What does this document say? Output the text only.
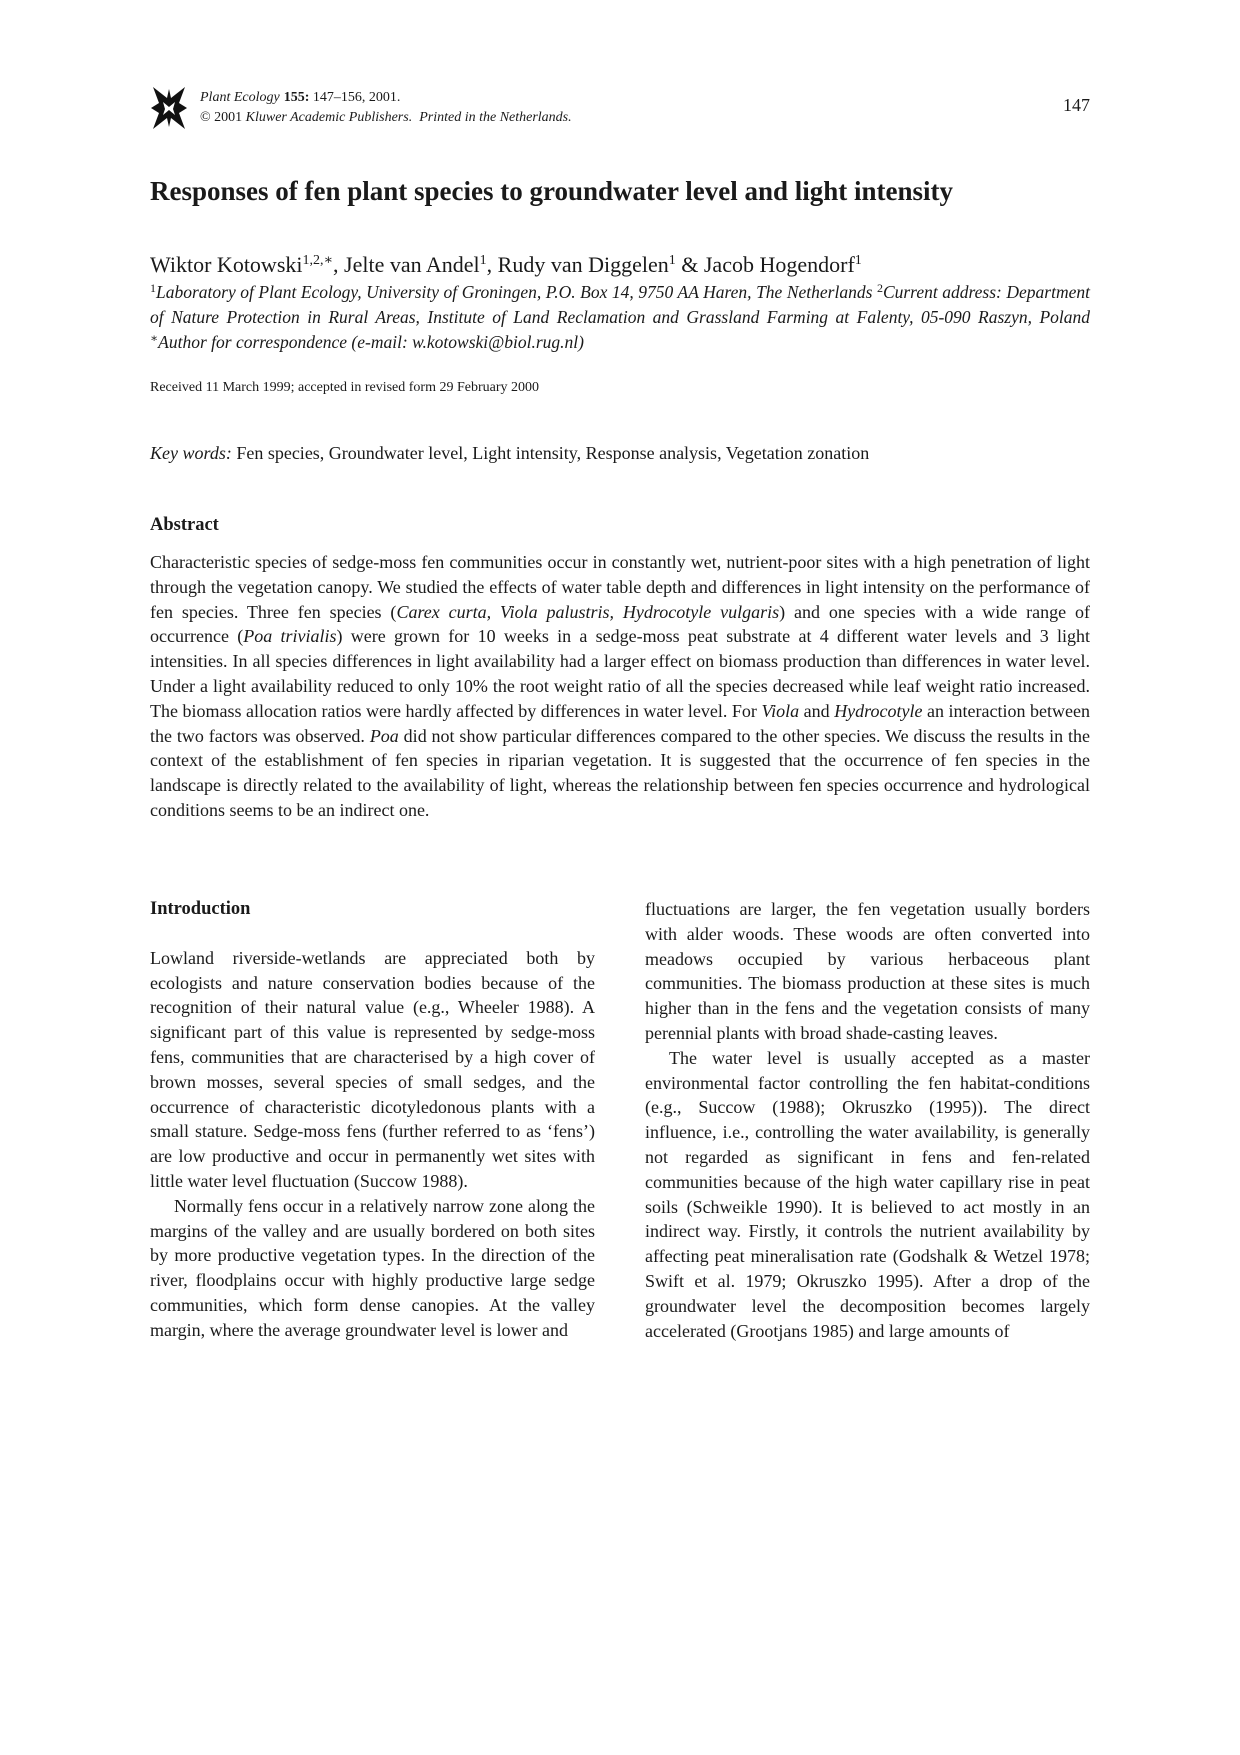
Plant Ecology 155: 147–156, 2001.
© 2001 Kluwer Academic Publishers.  Printed in the Netherlands.
147
Responses of fen plant species to groundwater level and light intensity
Wiktor Kotowski$^{1,2,∗}$, Jelte van Andel$^1$, Rudy van Diggelen$^1$ & Jacob Hogendorf$^1$
$^1$Laboratory of Plant Ecology, University of Groningen, P.O. Box 14, 9750 AA Haren, The Netherlands $^2$Current address: Department of Nature Protection in Rural Areas, Institute of Land Reclamation and Grassland Farming at Falenty, 05-090 Raszyn, Poland ∗Author for correspondence (e-mail: w.kotowski@biol.rug.nl)
Received 11 March 1999; accepted in revised form 29 February 2000
Key words: Fen species, Groundwater level, Light intensity, Response analysis, Vegetation zonation
Abstract
Characteristic species of sedge-moss fen communities occur in constantly wet, nutrient-poor sites with a high penetration of light through the vegetation canopy. We studied the effects of water table depth and differences in light intensity on the performance of fen species. Three fen species (Carex curta, Viola palustris, Hydrocotyle vulgaris) and one species with a wide range of occurrence (Poa trivialis) were grown for 10 weeks in a sedge-moss peat substrate at 4 different water levels and 3 light intensities. In all species differences in light availability had a larger effect on biomass production than differences in water level. Under a light availability reduced to only 10% the root weight ratio of all the species decreased while leaf weight ratio increased. The biomass allocation ratios were hardly affected by differences in water level. For Viola and Hydrocotyle an interaction between the two factors was observed. Poa did not show particular differences compared to the other species. We discuss the results in the context of the establishment of fen species in riparian vegetation. It is suggested that the occurrence of fen species in the landscape is directly related to the availability of light, whereas the relationship between fen species occurrence and hydrological conditions seems to be an indirect one.
Introduction

Lowland riverside-wetlands are appreciated both by ecologists and nature conservation bodies because of the recognition of their natural value (e.g., Wheeler 1988). A significant part of this value is represented by sedge-moss fens, communities that are characterised by a high cover of brown mosses, several species of small sedges, and the occurrence of characteristic dicotyledonous plants with a small stature. Sedge-moss fens (further referred to as ‘fens’) are low productive and occur in permanently wet sites with little water level fluctuation (Succow 1988).

Normally fens occur in a relatively narrow zone along the margins of the valley and are usually bordered on both sites by more productive vegetation types. In the direction of the river, floodplains occur with highly productive large sedge communities, which form dense canopies. At the valley margin, where the average groundwater level is lower and

fluctuations are larger, the fen vegetation usually borders with alder woods. These woods are often converted into meadows occupied by various herbaceous plant communities. The biomass production at these sites is much higher than in the fens and the vegetation consists of many perennial plants with broad shade-casting leaves.

The water level is usually accepted as a master environmental factor controlling the fen habitat-conditions (e.g., Succow (1988); Okruszko (1995)). The direct influence, i.e., controlling the water availability, is generally not regarded as significant in fens and fen-related communities because of the high water capillary rise in peat soils (Schweikle 1990). It is believed to act mostly in an indirect way. Firstly, it controls the nutrient availability by affecting peat mineralisation rate (Godshalk & Wetzel 1978; Swift et al. 1979; Okruszko 1995). After a drop of the groundwater level the decomposition becomes largely accelerated (Grootjans 1985) and large amounts of
